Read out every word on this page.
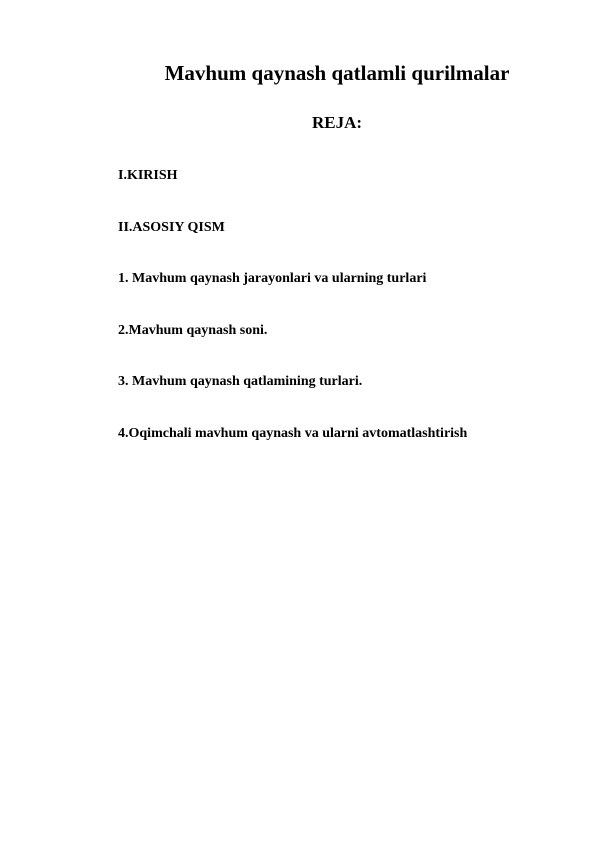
Mavhum qaynash qatlamli qurilmalar
REJA:
I.KIRISH
II.ASOSIY QISM
1. Mavhum qaynash jarayonlari va ularning turlari
2.Mavhum qaynash soni.
3. Mavhum qaynash qatlamining turlari.
4.Oqimchali mavhum qaynash va ularni avtomatlashtirish
